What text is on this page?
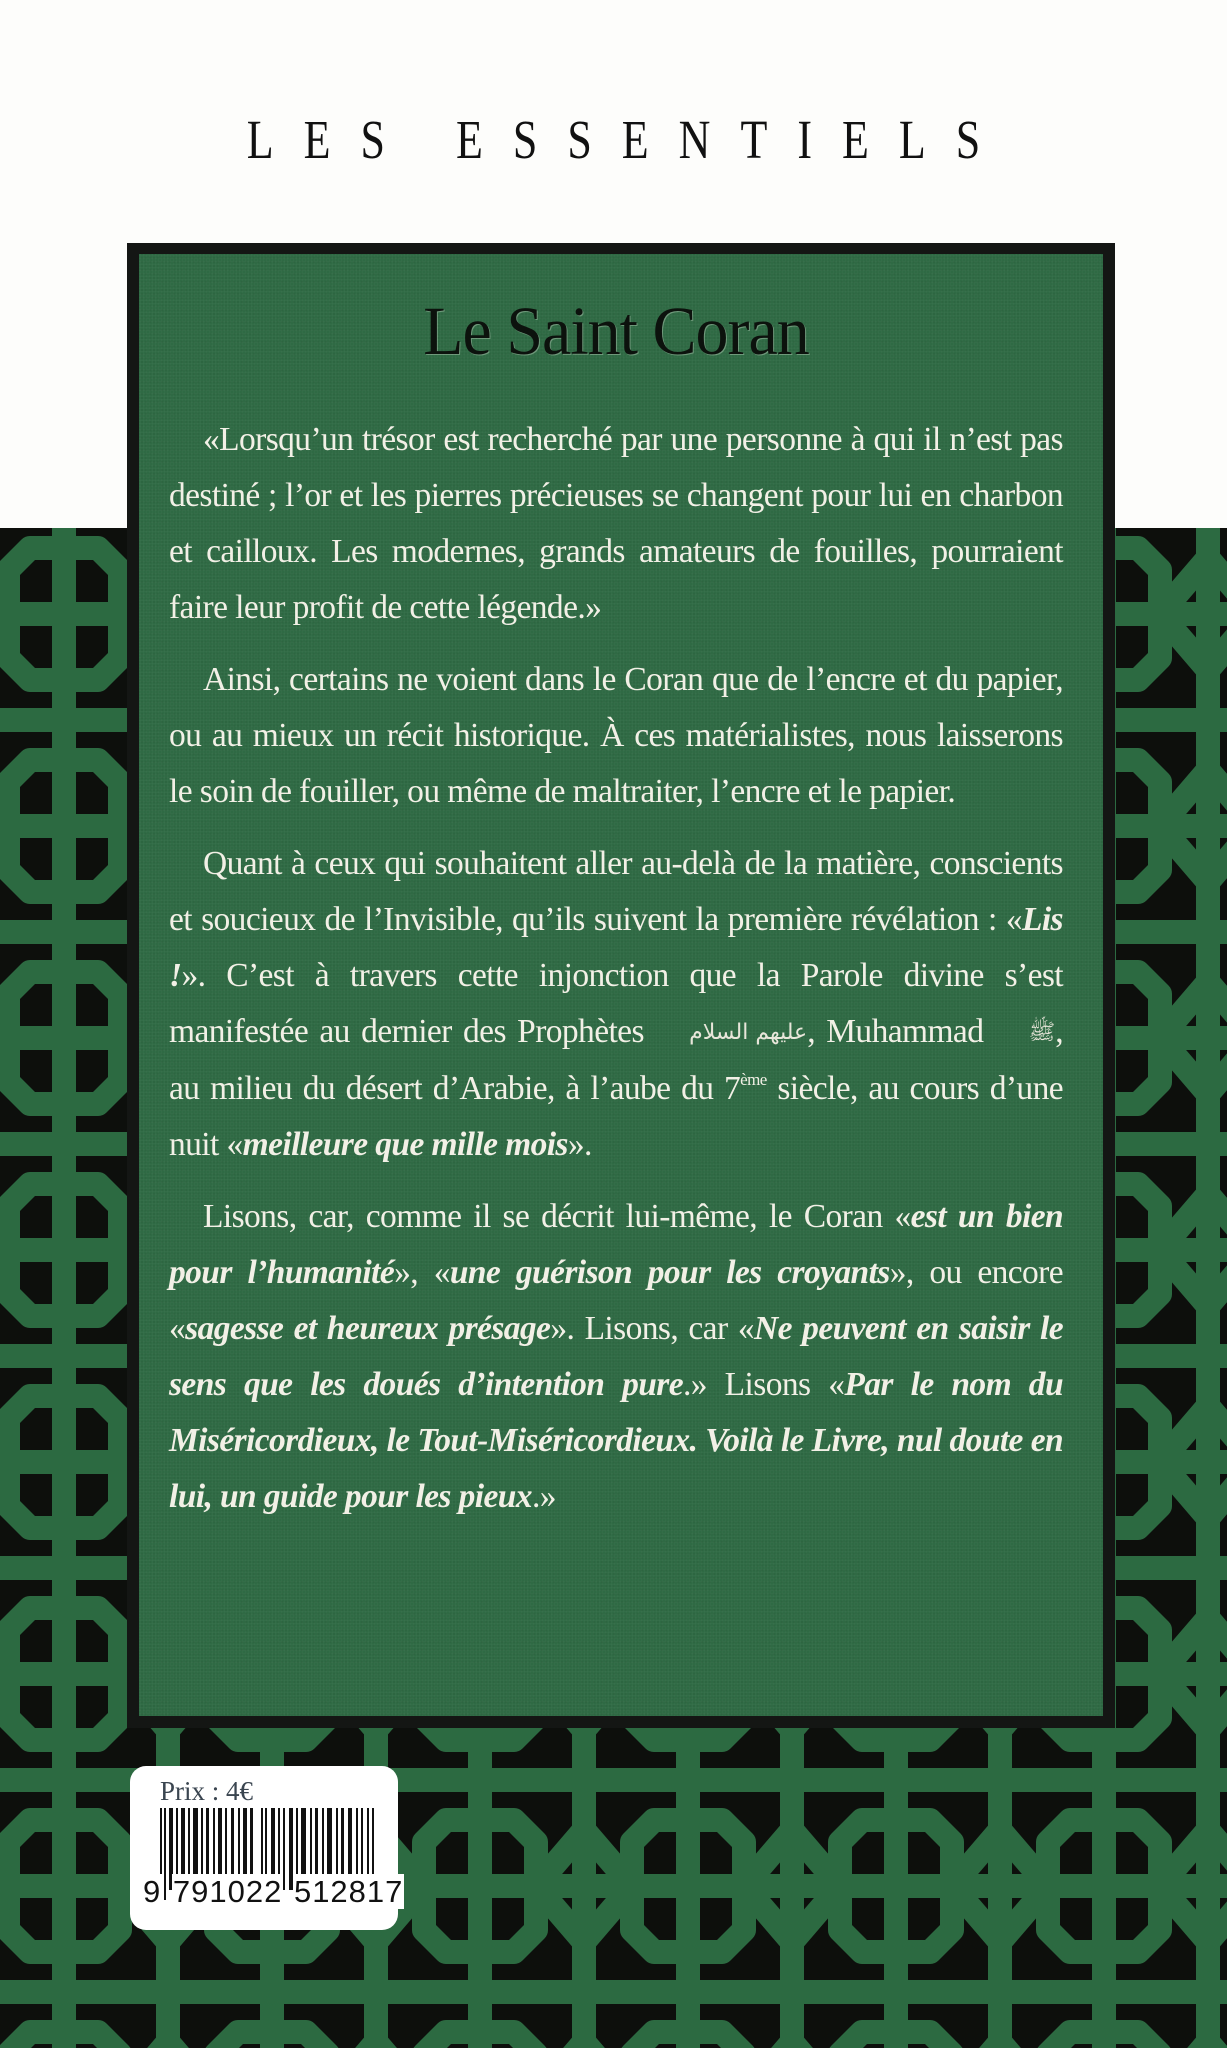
LES ESSENTIELS
Le Saint Coran

«Lorsqu’un trésor est recherché par une personne à qui il n’est pas destiné ; l’or et les pierres précieuses se changent pour lui en charbon et cailloux. Les modernes, grands amateurs de fouilles, pourraient faire leur profit de cette légende.»

Ainsi, certains ne voient dans le Coran que de l’encre et du papier, ou au mieux un récit historique. À ces matérialistes, nous laisserons le soin de fouiller, ou même de maltraiter, l’encre et le papier.

Quant à ceux qui souhaitent aller au-delà de la matière, conscients et soucieux de l’Invisible, qu’ils suivent la première révélation : «Lis !». C’est à travers cette injonction que la Parole divine s’est manifestée au dernier des Prophètes عليهم السلام, Muhammad ﷺ, au milieu du désert d’Arabie, à l’aube du 7ème siècle, au cours d’une nuit «meilleure que mille mois».

Lisons, car, comme il se décrit lui-même, le Coran «est un bien pour l’humanité», «une guérison pour les croyants», ou encore «sagesse et heureux présage». Lisons, car «Ne peuvent en saisir le sens que les doués d’intention pure.» Lisons «Par le nom du Miséricordieux, le Tout-Miséricordieux. Voilà le Livre, nul doute en lui, un guide pour les pieux.»

Prix : 4€
9 791022 512817
